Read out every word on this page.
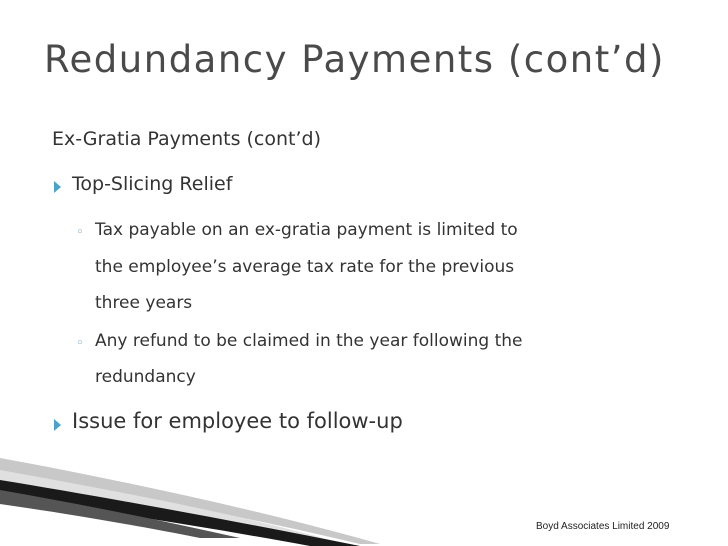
Redundancy Payments (cont’d)
Ex-Gratia Payments (cont’d)
Top-Slicing Relief
◦ Tax payable on an ex-gratia payment is limited to
the employee’s average tax rate for the previous
three years
◦ Any refund to be claimed in the year following the
redundancy
Issue for employee to follow-up
Boyd Associates Limited 2009
